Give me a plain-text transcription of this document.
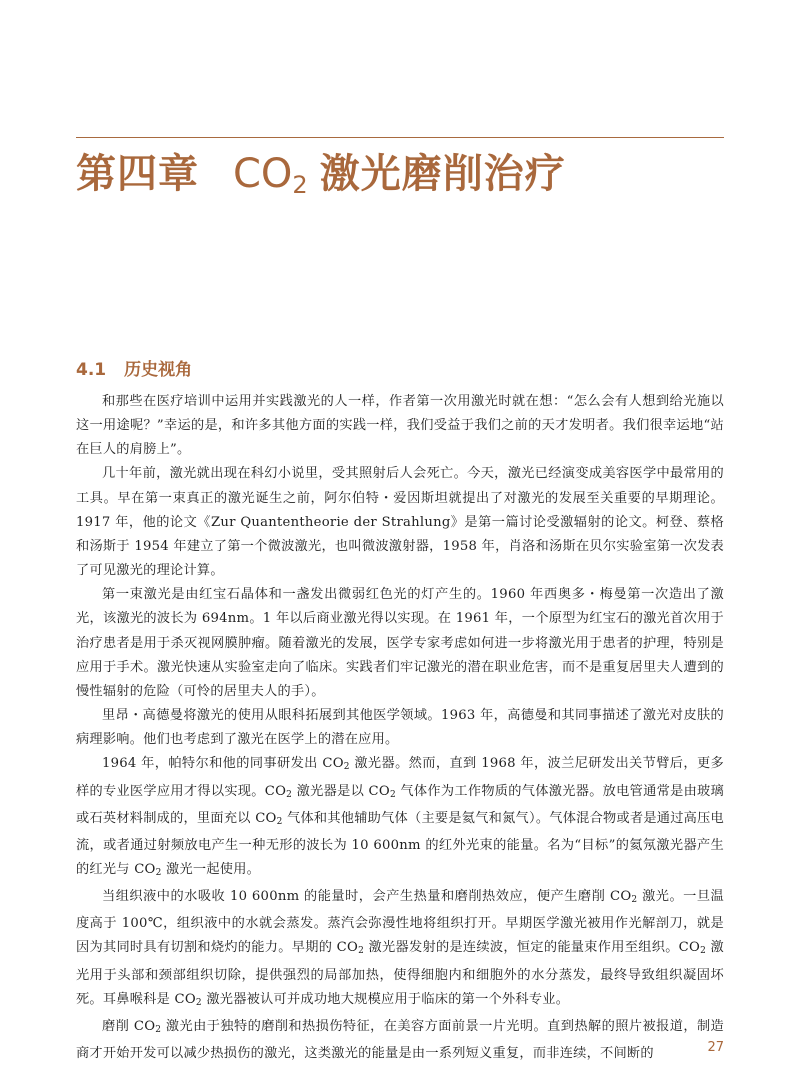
第四章 $CO_2$ 激光磨削治疗
4.1 历史视角

和那些在医疗培训中运用并实践激光的人一样，作者第一次用激光时就在想：“怎么会有人想到给光施以这一用途呢？”幸运的是，和许多其他方面的实践一样，我们受益于我们之前的天才发明者。我们很幸运地“站在巨人的肩膀上”。

几十年前，激光就出现在科幻小说里，受其照射后人会死亡。今天，激光已经演变成美容医学中最常用的工具。早在第一束真正的激光诞生之前，阿尔伯特・爱因斯坦就提出了对激光的发展至关重要的早期理论。1917 年，他的论文《Zur Quantentheorie der Strahlung》是第一篇讨论受激辐射的论文。柯登、蔡格和汤斯于 1954 年建立了第一个微波激光，也叫微波激射器，1958 年，肖洛和汤斯在贝尔实验室第一次发表了可见激光的理论计算。

第一束激光是由红宝石晶体和一盏发出微弱红色光的灯产生的。1960 年西奥多・梅曼第一次造出了激光，该激光的波长为 694nm。1 年以后商业激光得以实现。在 1961 年，一个原型为红宝石的激光首次用于治疗患者是用于杀灭视网膜肿瘤。随着激光的发展，医学专家考虑如何进一步将激光用于患者的护理，特别是应用于手术。激光快速从实验室走向了临床。实践者们牢记激光的潜在职业危害，而不是重复居里夫人遭到的慢性辐射的危险（可怜的居里夫人的手）。

里昂・高德曼将激光的使用从眼科拓展到其他医学领域。1963 年，高德曼和其同事描述了激光对皮肤的病理影响。他们也考虑到了激光在医学上的潜在应用。

1964 年，帕特尔和他的同事研发出 $CO_2$ 激光器。然而，直到 1968 年，波兰尼研发出关节臂后，更多样的专业医学应用才得以实现。$CO_2$ 激光器是以 $CO_2$ 气体作为工作物质的气体激光器。放电管通常是由玻璃或石英材料制成的，里面充以 $CO_2$ 气体和其他辅助气体（主要是氦气和氮气）。气体混合物或者是通过高压电流，或者通过射频放电产生一种无形的波长为 10 600nm 的红外光束的能量。名为“目标”的氦氖激光器产生的红光与 $CO_2$ 激光一起使用。

当组织液中的水吸收 10 600nm 的能量时，会产生热量和磨削热效应，便产生磨削 $CO_2$ 激光。一旦温度高于 100℃，组织液中的水就会蒸发。蒸汽会弥漫性地将组织打开。早期医学激光被用作光解剖刀，就是因为其同时具有切割和烧灼的能力。早期的 $CO_2$ 激光器发射的是连续波，恒定的能量束作用至组织。$CO_2$ 激光用于头部和颈部组织切除，提供强烈的局部加热，使得细胞内和细胞外的水分蒸发，最终导致组织凝固坏死。耳鼻喉科是 $CO_2$ 激光器被认可并成功地大规模应用于临床的第一个外科专业。

磨削 $CO_2$ 激光由于独特的磨削和热损伤特征，在美容方面前景一片光明。直到热解的照片被报道，制造商才开始开发可以减少热损伤的激光，这类激光的能量是由一系列短义重复，而非连续，不间断的	27
